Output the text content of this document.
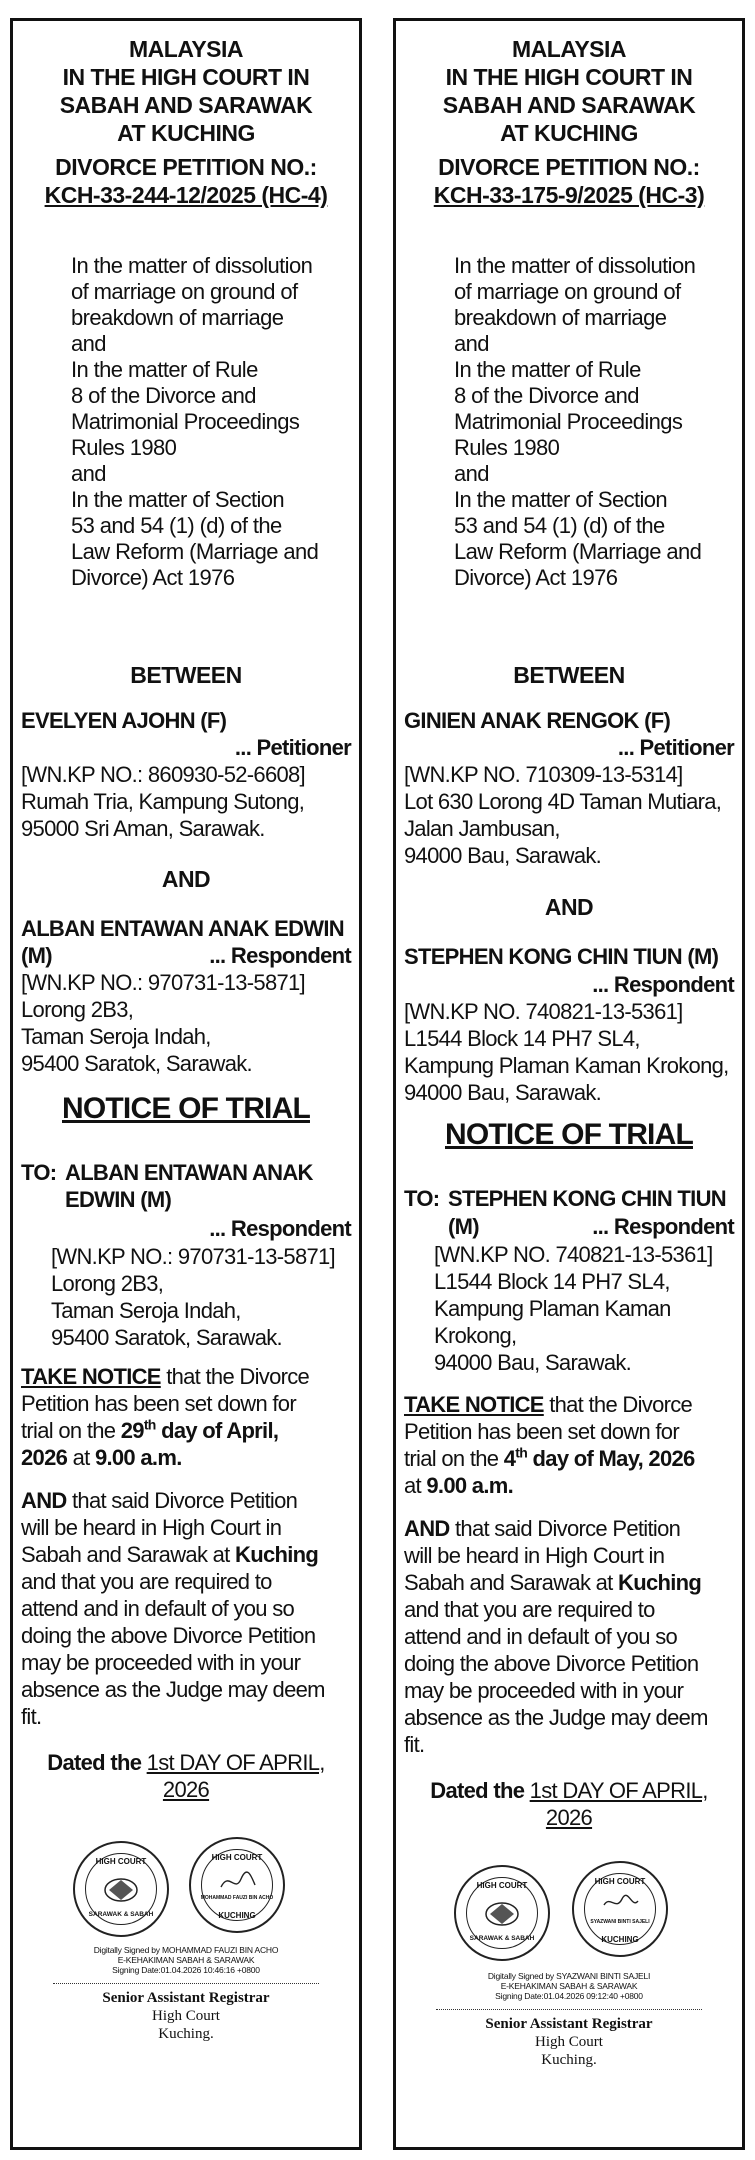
MALAYSIA
IN THE HIGH COURT IN
SABAH AND SARAWAK
AT KUCHING
DIVORCE PETITION NO.:
KCH-33-244-12/2025 (HC-4)
In the matter of dissolution
of marriage on ground of
breakdown of marriage
and
In the matter of Rule
8 of the Divorce and
Matrimonial Proceedings
Rules 1980
and
In the matter of Section
53 and 54 (1) (d) of the
Law Reform (Marriage and
Divorce) Act 1976
BETWEEN
EVELYEN AJOHN (F)
... Petitioner
[WN.KP NO.: 860930-52-6608]
Rumah Tria, Kampung Sutong,
95000 Sri Aman, Sarawak.
AND
ALBAN ENTAWAN ANAK EDWIN
(M)	... Respondent
[WN.KP NO.: 970731-13-5871]
Lorong 2B3,
Taman Seroja Indah,
95400 Saratok, Sarawak.
NOTICE OF TRIAL
TO: ALBAN ENTAWAN ANAK
EDWIN (M)
... Respondent
[WN.KP NO.: 970731-13-5871]
Lorong 2B3,
Taman Seroja Indah,
95400 Saratok, Sarawak.
TAKE NOTICE that the Divorce
Petition has been set down for
trial on the 29th day of April,
2026 at 9.00 a.m.
AND that said Divorce Petition
will be heard in High Court in
Sabah and Sarawak at Kuching
and that you are required to
attend and in default of you so
doing the above Divorce Petition
may be proceeded with in your
absence as the Judge may deem
fit.
Dated the 1st DAY OF APRIL,
2026
HIGH COURT
SARAWAK & SABAH
HIGH COURT
MOHAMMAD FAUZI BIN ACHO
KUCHING
Digitally Signed by MOHAMMAD FAUZI BIN ACHO
E-KEHAKIMAN SABAH & SARAWAK
Signing Date:01.04.2026 10:46:16 +0800
Senior Assistant Registrar
High Court
Kuching.
MALAYSIA
IN THE HIGH COURT IN
SABAH AND SARAWAK
AT KUCHING
DIVORCE PETITION NO.:
KCH-33-175-9/2025 (HC-3)
In the matter of dissolution
of marriage on ground of
breakdown of marriage
and
In the matter of Rule
8 of the Divorce and
Matrimonial Proceedings
Rules 1980
and
In the matter of Section
53 and 54 (1) (d) of the
Law Reform (Marriage and
Divorce) Act 1976
BETWEEN
GINIEN ANAK RENGOK (F)
... Petitioner
[WN.KP NO. 710309-13-5314]
Lot 630 Lorong 4D Taman Mutiara,
Jalan Jambusan,
94000 Bau, Sarawak.
AND
STEPHEN KONG CHIN TIUN (M)
... Respondent
[WN.KP NO. 740821-13-5361]
L1544 Block 14 PH7 SL4,
Kampung Plaman Kaman Krokong,
94000 Bau, Sarawak.
NOTICE OF TRIAL
TO: STEPHEN KONG CHIN TIUN
(M)	... Respondent
[WN.KP NO. 740821-13-5361]
L1544 Block 14 PH7 SL4,
Kampung Plaman Kaman
Krokong,
94000 Bau, Sarawak.
TAKE NOTICE that the Divorce
Petition has been set down for
trial on the 4th day of May, 2026
at 9.00 a.m.
AND that said Divorce Petition
will be heard in High Court in
Sabah and Sarawak at Kuching
and that you are required to
attend and in default of you so
doing the above Divorce Petition
may be proceeded with in your
absence as the Judge may deem
fit.
Dated the 1st DAY OF APRIL,
2026
HIGH COURT
SARAWAK & SABAH
HIGH COURT
SYAZWANI BINTI SAJELI
KUCHING
Digitally Signed by SYAZWANI BINTI SAJELI
E-KEHAKIMAN SABAH & SARAWAK
Signing Date:01.04.2026 09:12:40 +0800
Senior Assistant Registrar
High Court
Kuching.
